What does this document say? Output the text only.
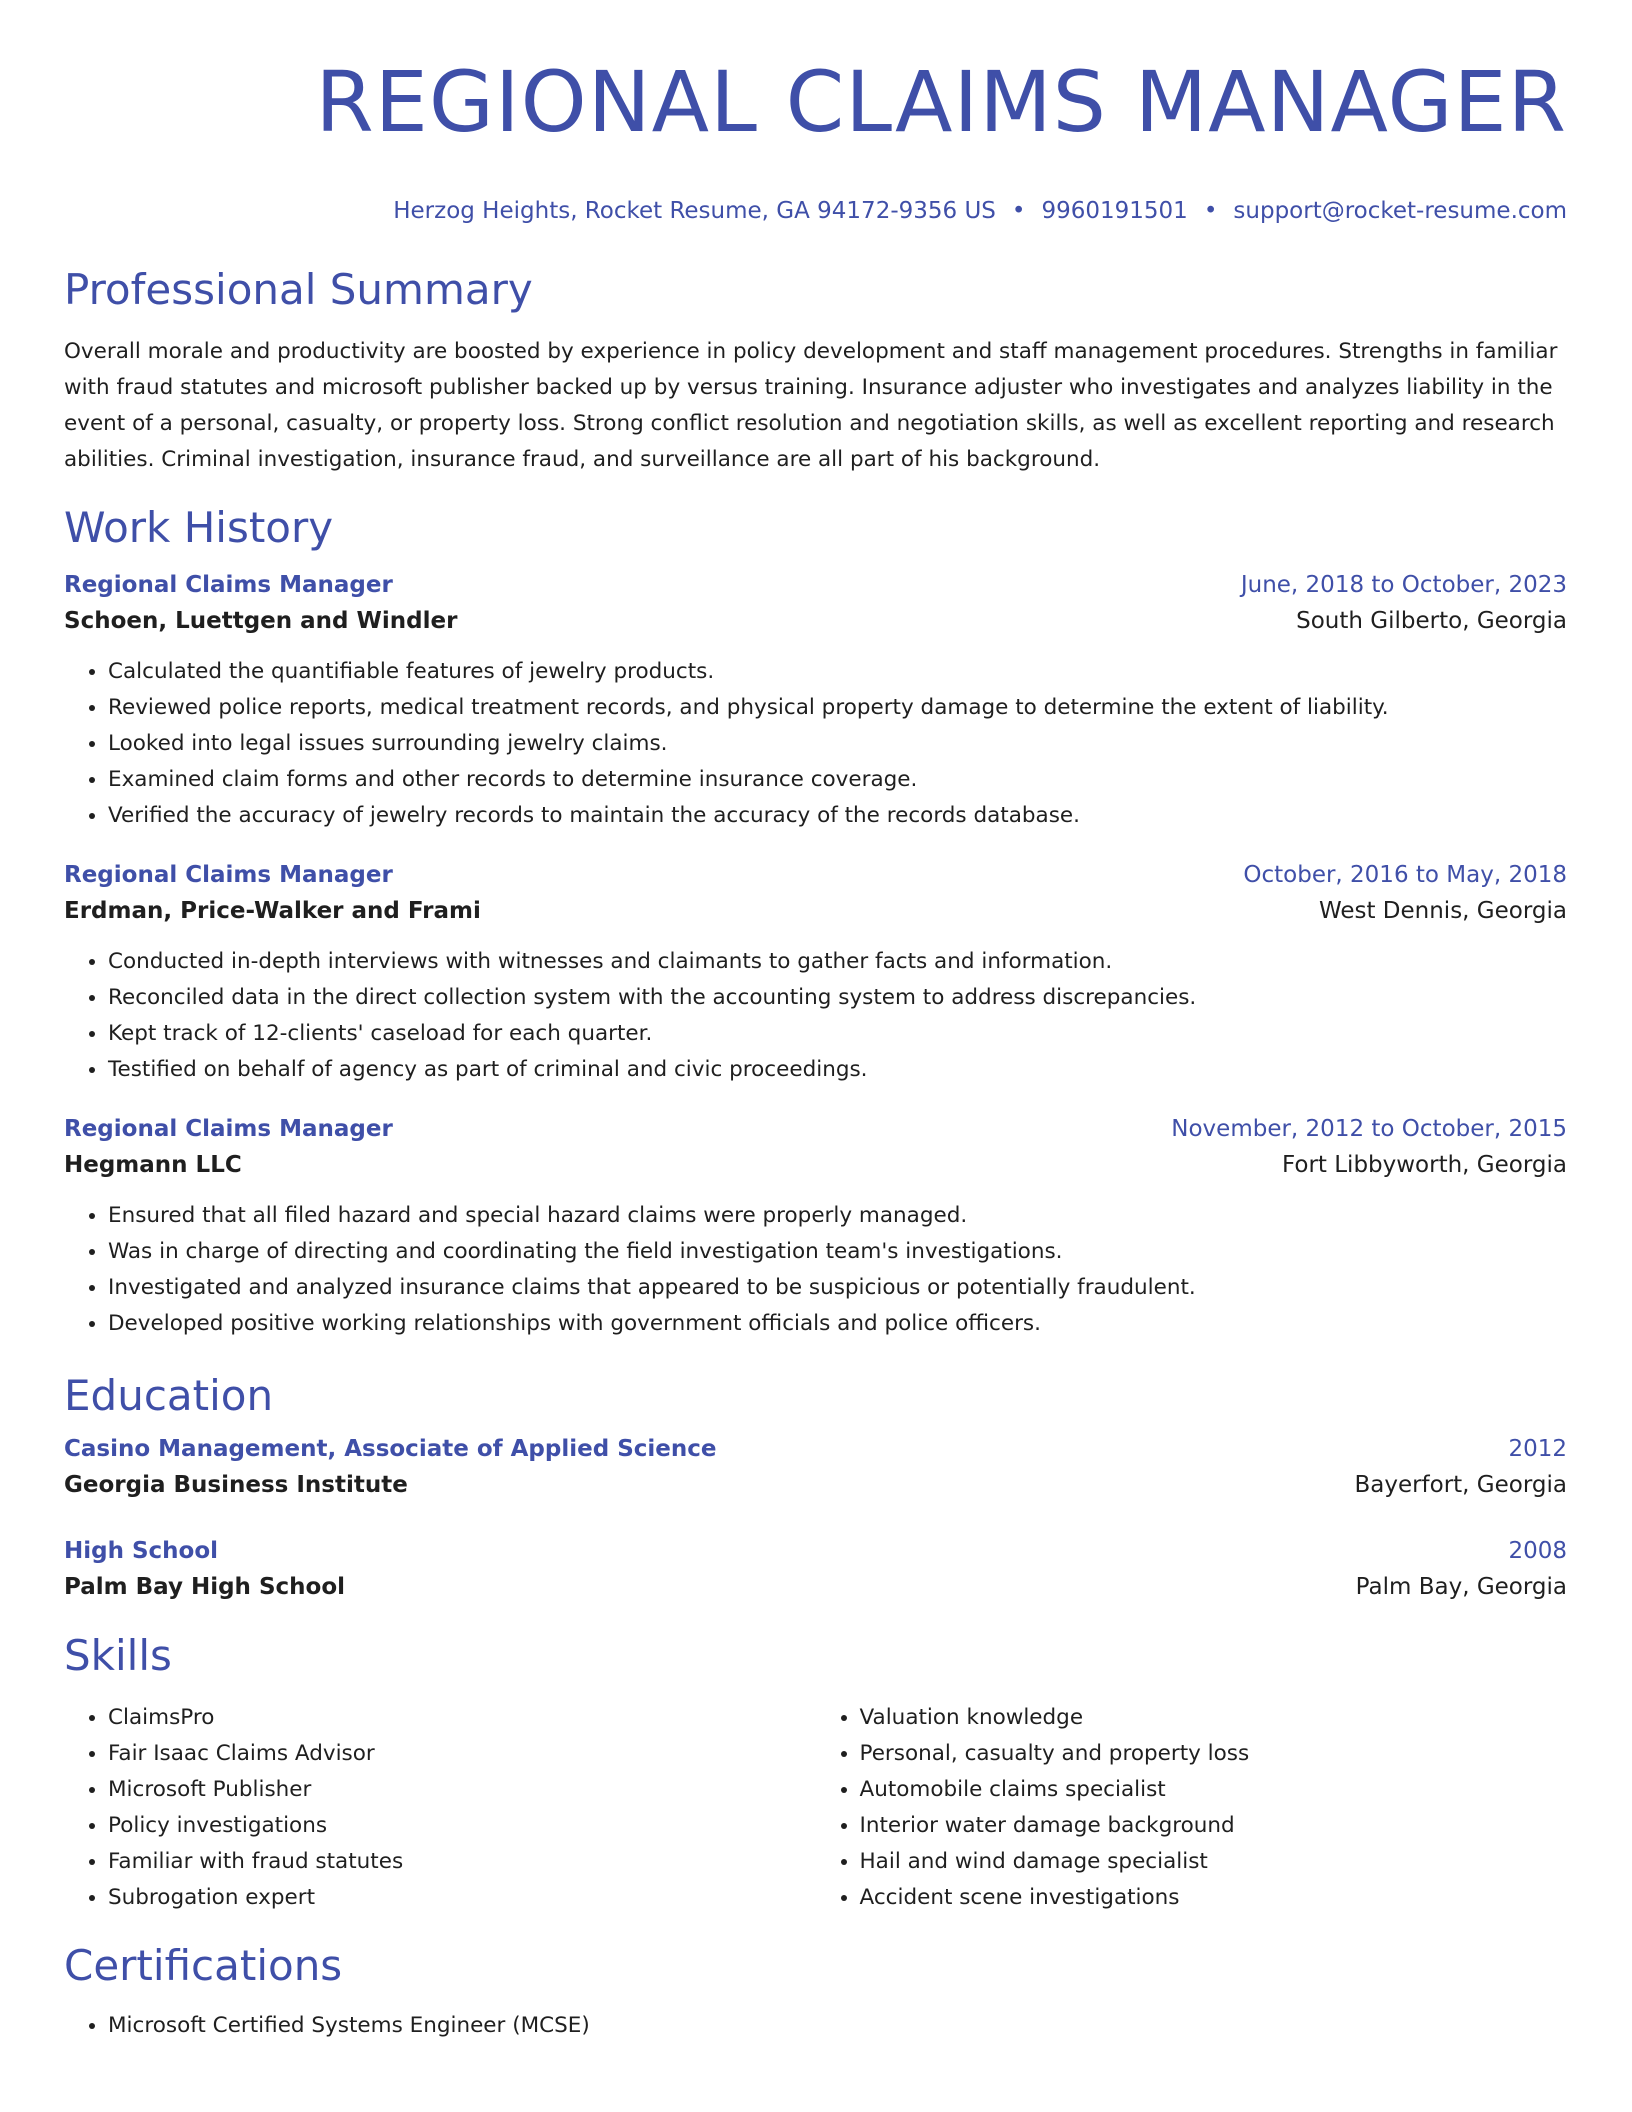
REGIONAL CLAIMS MANAGER
Herzog Heights, Rocket Resume, GA 94172-9356 US • 9960191501 • support@rocket-resume.com
Professional Summary

Overall morale and productivity are boosted by experience in policy development and staff management procedures. Strengths in familiar with fraud statutes and microsoft publisher backed up by versus training. Insurance adjuster who investigates and analyzes liability in the event of a personal, casualty, or property loss. Strong conflict resolution and negotiation skills, as well as excellent reporting and research abilities. Criminal investigation, insurance fraud, and surveillance are all part of his background.

Work History
Regional Claims Manager	June, 2018 to October, 2023
Schoen, Luettgen and Windler	South Gilberto, Georgia
• Calculated the quantifiable features of jewelry products.
• Reviewed police reports, medical treatment records, and physical property damage to determine the extent of liability.
• Looked into legal issues surrounding jewelry claims.
• Examined claim forms and other records to determine insurance coverage.
• Verified the accuracy of jewelry records to maintain the accuracy of the records database.
Regional Claims Manager	October, 2016 to May, 2018
Erdman, Price-Walker and Frami	West Dennis, Georgia
• Conducted in-depth interviews with witnesses and claimants to gather facts and information.
• Reconciled data in the direct collection system with the accounting system to address discrepancies.
• Kept track of 12-clients' caseload for each quarter.
• Testified on behalf of agency as part of criminal and civic proceedings.
Regional Claims Manager	November, 2012 to October, 2015
Hegmann LLC	Fort Libbyworth, Georgia
• Ensured that all filed hazard and special hazard claims were properly managed.
• Was in charge of directing and coordinating the field investigation team's investigations.
• Investigated and analyzed insurance claims that appeared to be suspicious or potentially fraudulent.
• Developed positive working relationships with government officials and police officers.
Education
Casino Management, Associate of Applied Science	2012
Georgia Business Institute	Bayerfort, Georgia
High School	2008
Palm Bay High School	Palm Bay, Georgia
Skills
• ClaimsPro
• Fair Isaac Claims Advisor
• Microsoft Publisher
• Policy investigations
• Familiar with fraud statutes
• Subrogation expert
• Valuation knowledge
• Personal, casualty and property loss
• Automobile claims specialist
• Interior water damage background
• Hail and wind damage specialist
• Accident scene investigations
Certifications
• Microsoft Certified Systems Engineer (MCSE)
